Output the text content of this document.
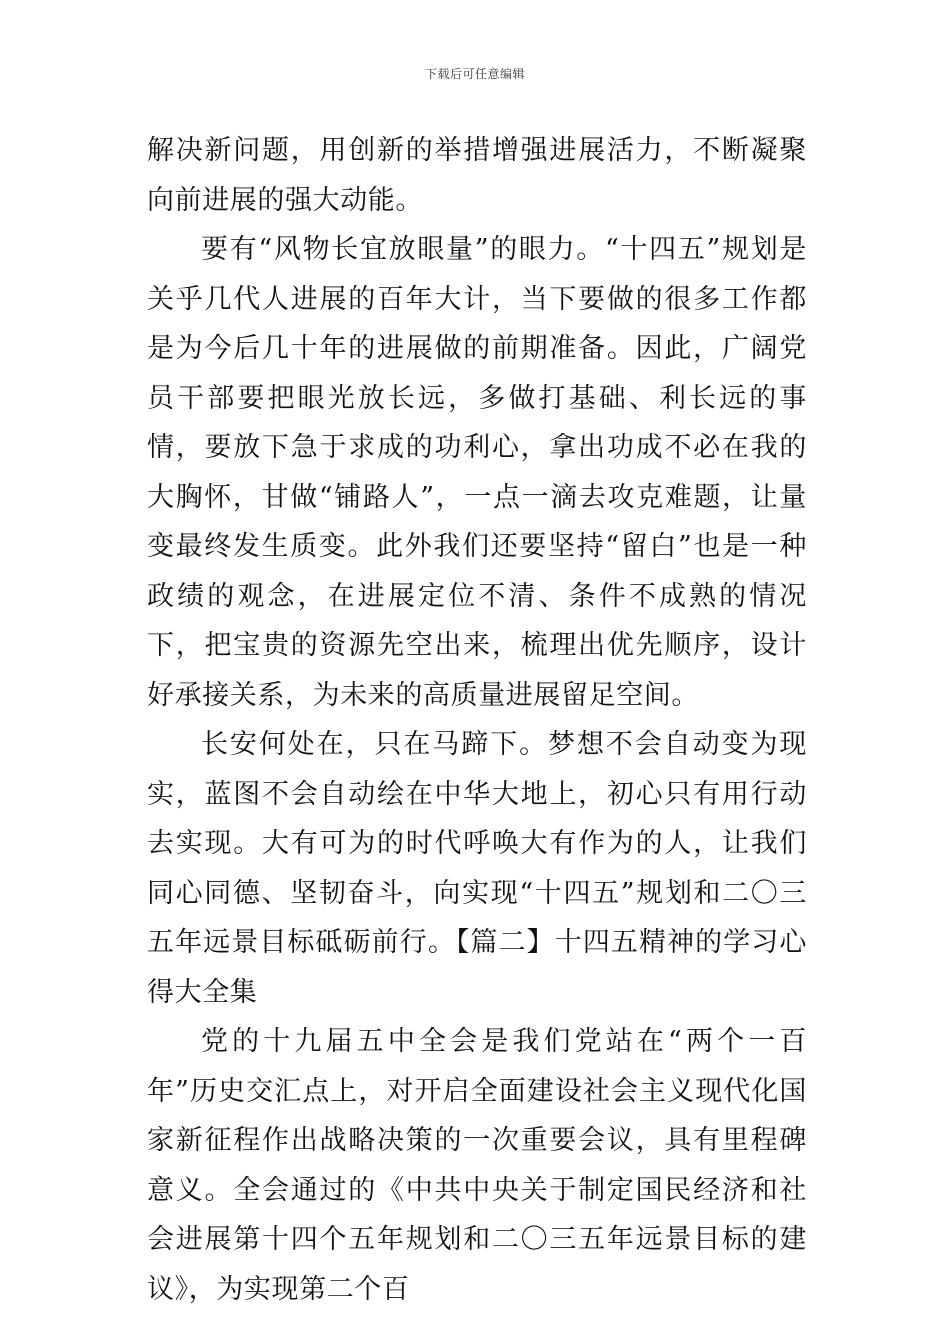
下载后可任意编辑

解决新问题，用创新的举措增强进展活力，不断凝聚向前进展的强大动能。

要有“风物长宜放眼量”的眼力。“十四五”规划是关乎几代人进展的百年大计，当下要做的很多工作都是为今后几十年的进展做的前期准备。因此，广阔党员干部要把眼光放长远，多做打基础、利长远的事情，要放下急于求成的功利心，拿出功成不必在我的大胸怀，甘做“铺路人”，一点一滴去攻克难题，让量变最终发生质变。此外我们还要坚持“留白”也是一种政绩的观念，在进展定位不清、条件不成熟的情况下，把宝贵的资源先空出来，梳理出优先顺序，设计好承接关系，为未来的高质量进展留足空间。

长安何处在，只在马蹄下。梦想不会自动变为现实，蓝图不会自动绘在中华大地上，初心只有用行动去实现。大有可为的时代呼唤大有作为的人，让我们同心同德、坚韧奋斗，向实现“十四五”规划和二〇三五年远景目标砥砺前行。【篇二】十四五精神的学习心得大全集

党的十九届五中全会是我们党站在“两个一百年”历史交汇点上，对开启全面建设社会主义现代化国家新征程作出战略决策的一次重要会议，具有里程碑意义。全会通过的《中共中央关于制定国民经济和社会进展第十四个五年规划和二〇三五年远景目标的建议》，为实现第二个百
